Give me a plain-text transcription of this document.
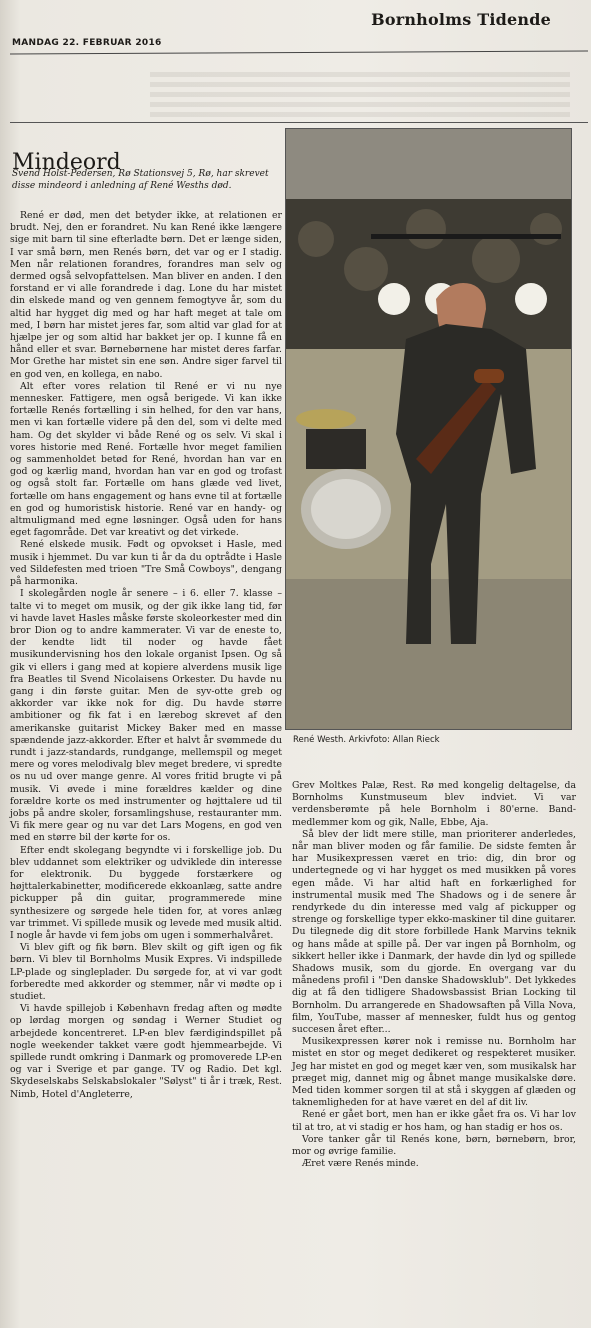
Bornholms Tidende
MANDAG 22. FEBRUAR 2016
Mindeord
Svend Holst-Pedersen, Rø Stationsvej 5, Rø, har skrevet disse mindeord i anledning af René Wesths død.

René er død, men det betyder ikke, at relationen er brudt. Nej, den er forandret. Nu kan René ikke længere sige mit barn til sine efterladte børn. Det er længe siden, I var små børn, men Renés børn, det var og er I stadig. Men når relationen forandres, forandres man selv og dermed også selvopfattelsen. Man bliver en anden. I den forstand er vi alle forandrede i dag. Lone du har mistet din elskede mand og ven gennem femogtyve år, som du altid har hygget dig med og har haft meget at tale om med, I børn har mistet jeres far, som altid var glad for at hjælpe jer og som altid har bakket jer op. I kunne få en hånd eller et svar. Børnebørnene har mistet deres farfar. Mor Grethe har mistet sin ene søn. Andre siger farvel til en god ven, en kollega, en nabo.

Alt efter vores relation til René er vi nu nye mennesker. Fattigere, men også berigede. Vi kan ikke fortælle Renés fortælling i sin helhed, for den var hans, men vi kan fortælle videre på den del, som vi delte med ham. Og det skylder vi både René og os selv. Vi skal i vores historie med René. Fortælle hvor meget familien og sammenholdet betød for René, hvordan han var en god og kærlig mand, hvordan han var en god og trofast og også stolt far. Fortælle om hans glæde ved livet, fortælle om hans engagement og hans evne til at fortælle en god og humoristisk historie. René var en handy- og altmuligmand med egne løsninger. Også uden for hans eget fagområde. Det var kreativt og det virkede.

René elskede musik. Født og opvokset i Hasle, med musik i hjemmet. Du var kun ti år da du optrådte i Hasle ved Sildefesten med trioen "Tre Små Cowboys", dengang på harmonika.

I skolegården nogle år senere – i 6. eller 7. klasse – talte vi to meget om musik, og der gik ikke lang tid, før vi havde lavet Hasles måske første skoleorkester med din bror Dion og to andre kammerater. Vi var de eneste to, der kendte lidt til noder og havde fået musikundervisning hos den lokale organist Ipsen. Og så gik vi ellers i gang med at kopiere alverdens musik lige fra Beatles til Svend Nicolaisens Orkester. Du havde nu gang i din første guitar. Men de syv-otte greb og akkorder var ikke nok for dig. Du havde større ambitioner og fik fat i en lærebog skrevet af den amerikanske guitarist Mickey Baker med en masse spændende jazz-akkorder. Efter et halvt år svømmede du rundt i jazz-standards, rundgange, mellemspil og meget mere og vores melodivalg blev meget bredere, vi spredte os nu ud over mange genre. Al vores fritid brugte vi på musik. Vi øvede i mine forældres kælder og dine forældre korte os med instrumenter og højttalere ud til jobs på andre skoler, forsamlingshuse, restauranter mm. Vi fik mere gear og nu var det Lars Mogens, en god ven med en større bil der kørte for os.

Efter endt skolegang begyndte vi i forskellige job. Du blev uddannet som elektriker og udviklede din interesse for elektronik. Du byggede forstærkere og højttalerkabinetter, modificerede ekkoanlæg, satte andre pickupper på din guitar, programmerede mine synthesizere og sørgede hele tiden for, at vores anlæg var trimmet. Vi spillede musik og levede med musik altid. I nogle år havde vi fem jobs om ugen i sommerhalvåret.

Vi blev gift og fik børn. Blev skilt og gift igen og fik børn. Vi blev til Bornholms Musik Expres. Vi indspillede LP-plade og singleplader. Du sørgede for, at vi var godt forberedte med akkorder og stemmer, når vi mødte op i studiet.

Vi havde spillejob i København fredag aften og mødte op lørdag morgen og søndag i Werner Studiet og arbejdede koncentreret. LP-en blev færdigindspillet på nogle weekender takket være godt hjemmearbejde. Vi spillede rundt omkring i Danmark og promoverede LP-en og var i Sverige et par gange. TV og Radio. Det kgl. Skydeselskabs Selskabslokaler "Sølyst" ti år i træk, Rest. Nimb, Hotel d'Angleterre,

René Westh. Arkivfoto: Allan Rieck

Grev Moltkes Palæ, Rest. Rø med kongelig deltagelse, da Bornholms Kunstmuseum blev indviet. Vi var verdensberømte på hele Bornholm i 80'erne. Band-medlemmer kom og gik, Nalle, Ebbe, Aja.

Så blev der lidt mere stille, man prioriterer anderledes, når man bliver moden og får familie. De sidste femten år har Musikexpressen været en trio: dig, din bror og undertegnede og vi har hygget os med musikken på vores egen måde. Vi har altid haft en forkærlighed for instrumental musik med The Shadows og i de senere år rendyrkede du din interesse med valg af pickupper og strenge og forskellige typer ekko-maskiner til dine guitarer. Du tilegnede dig dit store forbillede Hank Marvins teknik og hans måde at spille på. Der var ingen på Bornholm, og sikkert heller ikke i Danmark, der havde din lyd og spillede Shadows musik, som du gjorde. En overgang var du månedens profil i "Den danske Shadowsklub". Det lykkedes dig at få den tidligere Shadowsbassist Brian Locking til Bornholm. Du arrangerede en Shadowsaften på Villa Nova, film, YouTube, masser af mennesker, fuldt hus og gentog succesen året efter...

Musikexpressen kører nok i remisse nu. Bornholm har mistet en stor og meget dedikeret og respekteret musiker. Jeg har mistet en god og meget kær ven, som musikalsk har præget mig, dannet mig og åbnet mange musikalske døre. Med tiden kommer sorgen til at stå i skyggen af glæden og taknemligheden for at have været en del af dit liv.

René er gået bort, men han er ikke gået fra os. Vi har lov til at tro, at vi stadig er hos ham, og han stadig er hos os.

Vore tanker går til Renés kone, børn, børnebørn, bror, mor og øvrige familie.

Æret være Renés minde.
